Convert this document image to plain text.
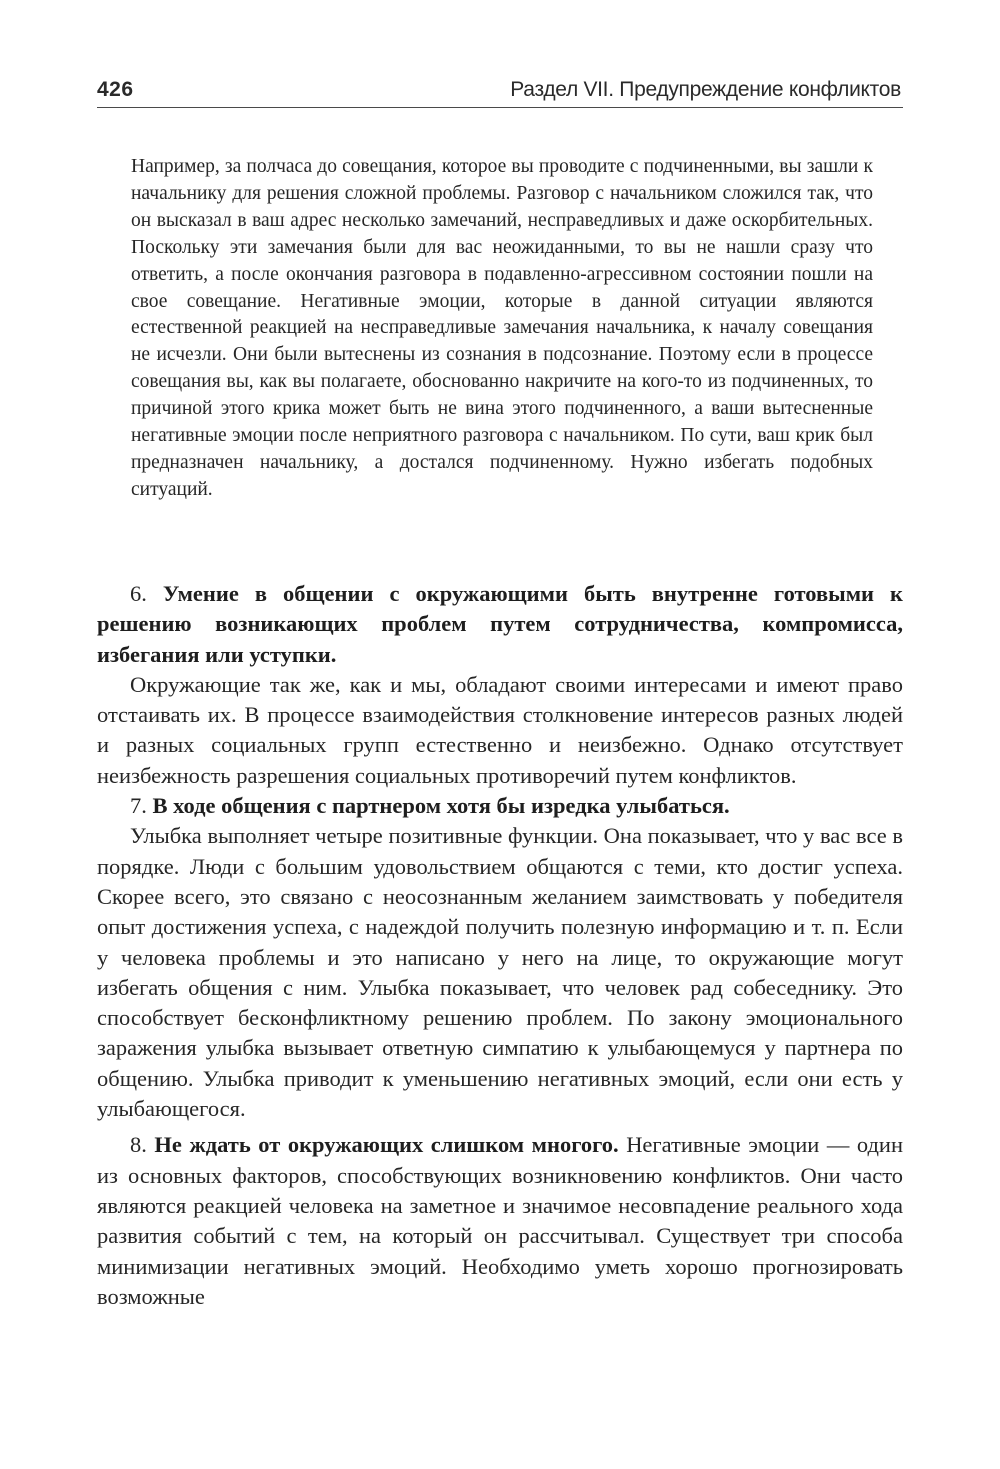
426	Раздел VII. Предупреждение конфликтов

Например, за полчаса до совещания, которое вы проводите с подчиненными, вы зашли к начальнику для решения сложной проблемы. Разговор с начальником сложился так, что он высказал в ваш адрес несколько замечаний, несправедливых и даже оскорбительных. Поскольку эти замечания были для вас неожиданными, то вы не нашли сразу что ответить, а после окончания разговора в подавленно-агрессивном состоянии пошли на свое совещание. Негативные эмоции, которые в данной ситуации являются естественной реакцией на несправедливые замечания начальника, к началу совещания не исчезли. Они были вытеснены из сознания в подсознание. Поэтому если в процессе совещания вы, как вы полагаете, обоснованно накричите на кого-то из подчиненных, то причиной этого крика может быть не вина этого подчиненного, а ваши вытесненные негативные эмоции после неприятного разговора с начальником. По сути, ваш крик был предназначен начальнику, а достался подчиненному. Нужно избегать подобных ситуаций.

6. Умение в общении с окружающими быть внутренне готовыми к решению возникающих проблем путем сотрудничества, компромисса, избегания или уступки.

Окружающие так же, как и мы, обладают своими интересами и имеют право отстаивать их. В процессе взаимодействия столкновение интересов разных людей и разных социальных групп естественно и неизбежно. Однако отсутствует неизбежность разрешения социальных противоречий путем конфликтов.

7. В ходе общения с партнером хотя бы изредка улыбаться.

Улыбка выполняет четыре позитивные функции. Она показывает, что у вас все в порядке. Люди с большим удовольствием общаются с теми, кто достиг успеха. Скорее всего, это связано с неосознанным желанием заимствовать у победителя опыт достижения успеха, с надеждой получить полезную информацию и т. п. Если у человека проблемы и это написано у него на лице, то окружающие могут избегать общения с ним. Улыбка показывает, что человек рад собеседнику. Это способствует бесконфликтному решению проблем. По закону эмоционального заражения улыбка вызывает ответную симпатию к улыбающемуся у партнера по общению. Улыбка приводит к уменьшению негативных эмоций, если они есть у улыбающегося.

8. Не ждать от окружающих слишком многого. Негативные эмоции — один из основных факторов, способствующих возникновению конфликтов. Они часто являются реакцией человека на заметное и значимое несовпадение реального хода развития событий с тем, на который он рассчитывал. Существует три способа минимизации негативных эмоций. Необходимо уметь хорошо прогнозировать возможные
